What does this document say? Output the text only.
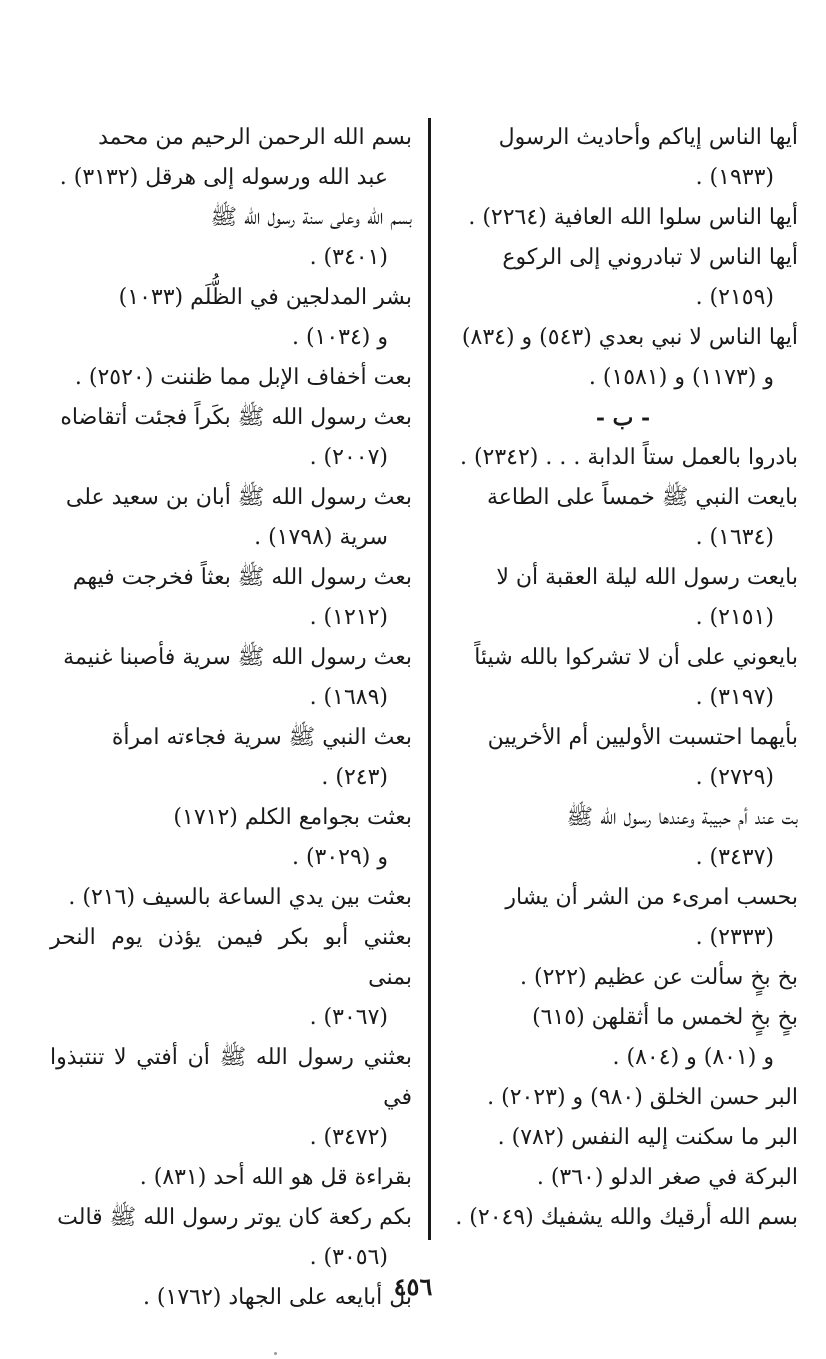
أيها الناس إياكم وأحاديث الرسول
(١٩٣٣) .
أيها الناس سلوا الله العافية (٢٢٦٤) .
أيها الناس لا تبادروني إلى الركوع
(٢١٥٩) .
أيها الناس لا نبي بعدي (٥٤٣) و (٨٣٤)
و (١١٧٣) و (١٥٨١) .
- ب -
بادروا بالعمل ستاً الدابة . . . (٢٣٤٢) .
بايعت النبي ﷺ خمساً على الطاعة
(١٦٣٤) .
بايعت رسول الله ليلة العقبة أن لا
(٢١٥١) .
بايعوني على أن لا تشركوا بالله شيئاً
(٣١٩٧) .
بأيهما احتسبت الأوليين أم الأخريين
(٢٧٢٩) .
بت عند أم حبيبة وعندها رسول الله ﷺ
(٣٤٣٧) .
بحسب امرىء من الشر أن يشار
(٢٣٣٣) .
بخ بخٍ سألت عن عظيم (٢٢٢) .
بخٍ بخٍ لخمس ما أثقلهن (٦١٥)
و (٨٠١) و (٨٠٤) .
البر حسن الخلق (٩٨٠) و (٢٠٢٣) .
البر ما سكنت إليه النفس (٧٨٢) .
البركة في صغر الدلو (٣٦٠) .
بسم الله أرقيك والله يشفيك (٢٠٤٩) .
بسم الله الرحمن الرحيم من محمد
عبد الله ورسوله إلى هرقل (٣١٣٢) .
بسم الله وعلى سنة رسول الله ﷺ
(٣٤٠١) .
بشر المدلجين في الظُّلَم (١٠٣٣)
و (١٠٣٤) .
بعت أخفاف الإبل مما ظننت (٢٥٢٠) .
بعث رسول الله ﷺ بكَراً فجئت أتقاضاه
(٢٠٠٧) .
بعث رسول الله ﷺ أبان بن سعيد على
سرية (١٧٩٨) .
بعث رسول الله ﷺ بعثاً فخرجت فيهم
(١٢١٢) .
بعث رسول الله ﷺ سرية فأصبنا غنيمة
(١٦٨٩) .
بعث النبي ﷺ سرية فجاءته امرأة
(٢٤٣) .
بعثت بجوامع الكلم (١٧١٢)
و (٣٠٢٩) .
بعثت بين يدي الساعة بالسيف (٢١٦) .
بعثني أبو بكر فيمن يؤذن يوم النحر بمنى
(٣٠٦٧) .
بعثني رسول الله ﷺ أن أفتي لا تنتبذوا في
(٣٤٧٢) .
بقراءة قل هو الله أحد (٨٣١) .
بكم ركعة كان يوتر رسول الله ﷺ قالت
(٣٠٥٦) .
بل أبايعه على الجهاد (١٧٦٢) .
٤٥٦
